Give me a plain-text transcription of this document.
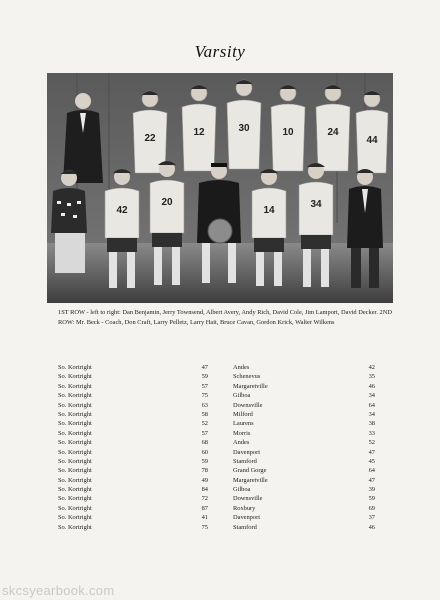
Varsity
22
12	30	10	24
44
42
20
14
34
1ST ROW - left to right: Dan Benjamin, Jerry Townsend, Albert Avery, Andy Rich, David Cole, Jim Lamport, David Decker. 2ND ROW: Mr. Beck - Coach, Don Craft, Larry Pelletz, Larry Hait, Bruce Cavan, Gordon Krick, Walter Wilkens
So. Kortright	47	Andes	42
So. Kortright	59	Schenevus	35
So. Kortright	57	Margaretville	46
So. Kortright	75	Gilboa	34
So. Kortright	63	Downsville	64
So. Kortright	58	Milford	34
So. Kortright	52	Laurens	38
So. Kortright	57	Morris	33
So. Kortright	68	Andes	52
So. Kortright	60	Davenport	47
So. Kortright	59	Stamford	45
So. Kortright	78	Grand Gorge	64
So. Kortright	49	Margaretville	47
So. Kortright	84	Gilboa	39
So. Kortright	72	Downsville	59
So. Kortright	87	Roxbury	69
So. Kortright	41	Davenport	37
So. Kortright	75	Stamford	46
skcsyearbook.com
